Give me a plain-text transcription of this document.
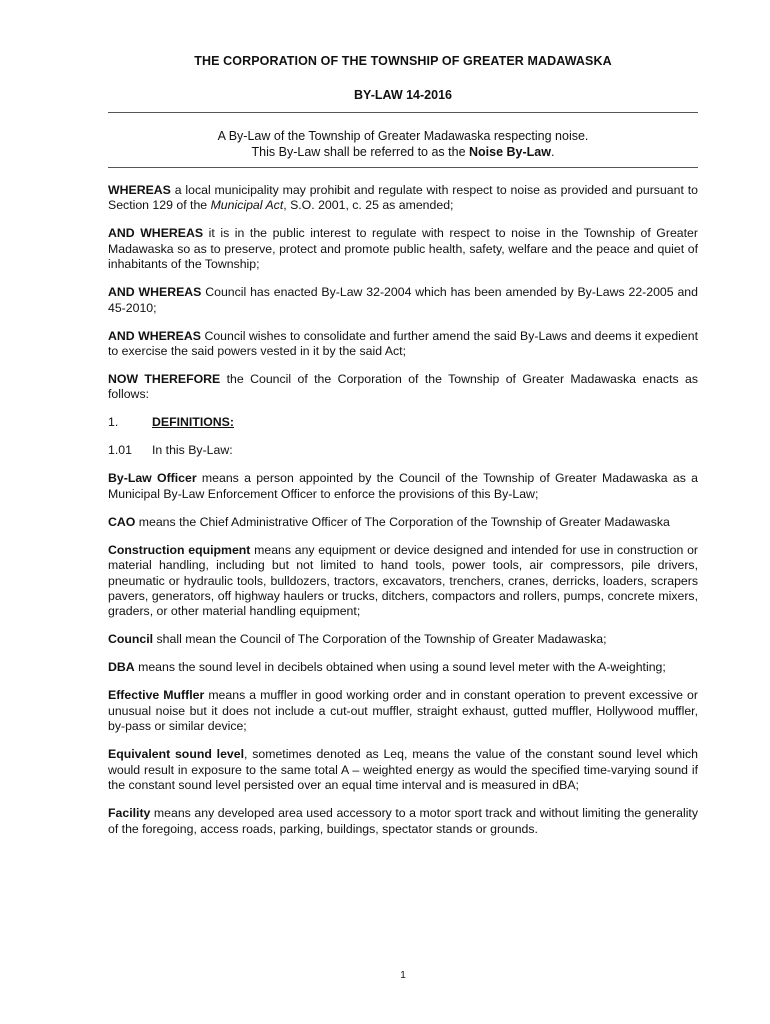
THE CORPORATION OF THE TOWNSHIP OF GREATER MADAWASKA
BY-LAW 14-2016
A By-Law of the Township of Greater Madawaska respecting noise.
This By-Law shall be referred to as the Noise By-Law.

WHEREAS a local municipality may prohibit and regulate with respect to noise as provided and pursuant to Section 129 of the Municipal Act, S.O. 2001, c. 25 as amended;

AND WHEREAS it is in the public interest to regulate with respect to noise in the Township of Greater Madawaska so as to preserve, protect and promote public health, safety, welfare and the peace and quiet of inhabitants of the Township;

AND WHEREAS Council has enacted By-Law 32-2004 which has been amended by By-Laws 22-2005 and 45-2010;

AND WHEREAS Council wishes to consolidate and further amend the said By-Laws and deems it expedient to exercise the said powers vested in it by the said Act;

NOW THEREFORE the Council of the Corporation of the Township of Greater Madawaska enacts as follows:

1.	DEFINITIONS:

1.01 In this By-Law:

By-Law Officer means a person appointed by the Council of the Township of Greater Madawaska as a Municipal By-Law Enforcement Officer to enforce the provisions of this By-Law;

CAO means the Chief Administrative Officer of The Corporation of the Township of Greater Madawaska

Construction equipment means any equipment or device designed and intended for use in construction or material handling, including but not limited to hand tools, power tools, air compressors, pile drivers, pneumatic or hydraulic tools, bulldozers, tractors, excavators, trenchers, cranes, derricks, loaders, scrapers pavers, generators, off highway haulers or trucks, ditchers, compactors and rollers, pumps, concrete mixers, graders, or other material handling equipment;

Council shall mean the Council of The Corporation of the Township of Greater Madawaska;

DBA means the sound level in decibels obtained when using a sound level meter with the A-weighting;

Effective Muffler means a muffler in good working order and in constant operation to prevent excessive or unusual noise but it does not include a cut-out muffler, straight exhaust, gutted muffler, Hollywood muffler, by-pass or similar device;

Equivalent sound level, sometimes denoted as Leq, means the value of the constant sound level which would result in exposure to the same total A – weighted energy as would the specified time-varying sound if the constant sound level persisted over an equal time interval and is measured in dBA;

Facility means any developed area used accessory to a motor sport track and without limiting the generality of the foregoing, access roads, parking, buildings, spectator stands or grounds.

1
